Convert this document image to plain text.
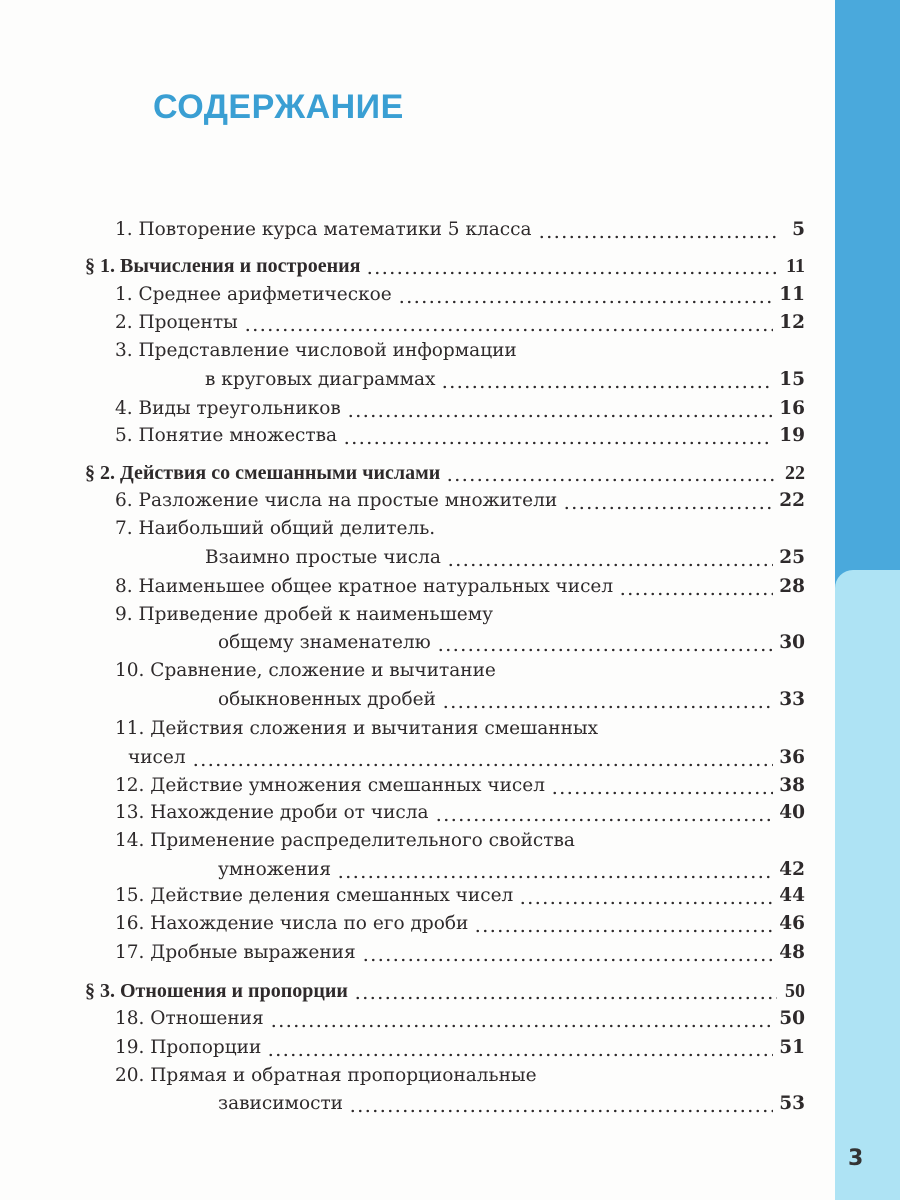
3
СОДЕРЖАНИЕ
1. Повторение курса математики 5 класса	5
§ 1. Вычисления и построения	11
1. Среднее арифметическое	11
2. Проценты	12
3. Представление числовой информации
в круговых диаграммах	15
4. Виды треугольников	16
5. Понятие множества	19
§ 2. Действия со смешанными числами	22
6. Разложение числа на простые множители	22
7. Наибольший общий делитель.
Взаимно простые числа	25
8. Наименьшее общее кратное натуральных чисел	28
9. Приведение дробей к наименьшему
общему знаменателю	30
10. Сравнение, сложение и вычитание
обыкновенных дробей	33
11. Действия сложения и вычитания смешанных
чисел	36
12. Действие умножения смешанных чисел	38
13. Нахождение дроби от числа	40
14. Применение распределительного свойства
умножения	42
15. Действие деления смешанных чисел	44
16. Нахождение числа по его дроби	46
17. Дробные выражения	48
§ 3. Отношения и пропорции	50
18. Отношения	50
19. Пропорции	51
20. Прямая и обратная пропорциональные
зависимости	53
